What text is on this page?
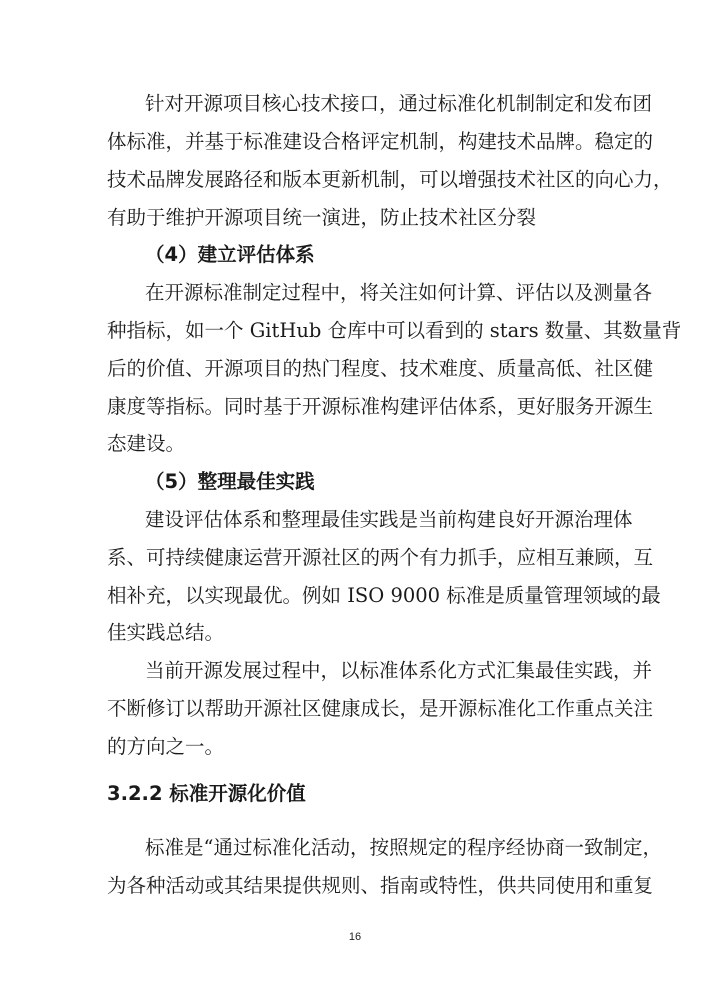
针对开源项目核心技术接口，通过标准化机制制定和发布团
体标准，并基于标准建设合格评定机制，构建技术品牌。稳定的
技术品牌发展路径和版本更新机制，可以增强技术社区的向心力，
有助于维护开源项目统一演进，防止技术社区分裂
（4）建立评估体系
在开源标准制定过程中，将关注如何计算、评估以及测量各
种指标，如一个 GitHub 仓库中可以看到的 stars 数量、其数量背
后的价值、开源项目的热门程度、技术难度、质量高低、社区健
康度等指标。同时基于开源标准构建评估体系，更好服务开源生
态建设。
（5）整理最佳实践
建设评估体系和整理最佳实践是当前构建良好开源治理体
系、可持续健康运营开源社区的两个有力抓手，应相互兼顾，互
相补充，以实现最优。例如 ISO 9000 标准是质量管理领域的最
佳实践总结。
当前开源发展过程中，以标准体系化方式汇集最佳实践，并
不断修订以帮助开源社区健康成长，是开源标准化工作重点关注
的方向之一。
3.2.2 标准开源化价值
标准是“通过标准化活动，按照规定的程序经协商一致制定，
为各种活动或其结果提供规则、指南或特性，供共同使用和重复
16
